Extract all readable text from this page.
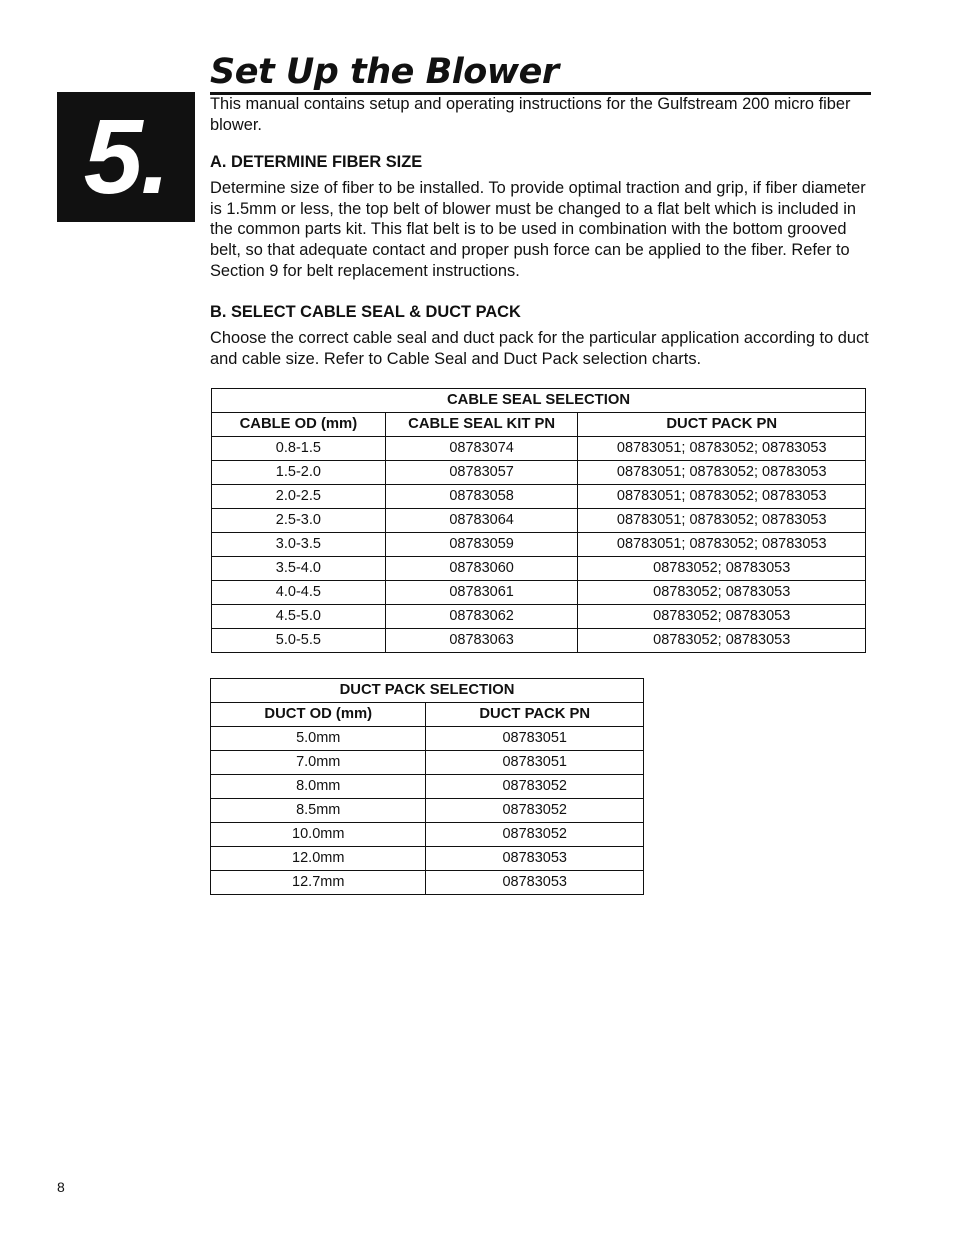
Set Up the Blower
5.	This manual contains setup and operating instructions for the Gulfstream 200 micro fiber blower.

A. DETERMINE FIBER SIZE

Determine size of fiber to be installed. To provide optimal traction and grip, if fiber diameter is 1.5mm or less, the top belt of blower must be changed to a flat belt which is included in the common parts kit. This flat belt is to be used in combination with the bottom grooved belt, so that adequate contact and proper push force can be applied to the fiber. Refer to Section 9 for belt replacement instructions.

B. SELECT CABLE SEAL & DUCT PACK

Choose the correct cable seal and duct pack for the particular application according to duct and cable size. Refer to Cable Seal and Duct Pack selection charts.

CABLE SEAL SELECTION		
CABLE OD (mm)	CABLE SEAL KIT PN	DUCT PACK PN
0.8-1.5	08783074	08783051; 08783052; 08783053
1.5-2.0	08783057	08783051; 08783052; 08783053
2.0-2.5	08783058	08783051; 08783052; 08783053
2.5-3.0	08783064	08783051; 08783052; 08783053
3.0-3.5	08783059	08783051; 08783052; 08783053
3.5-4.0	08783060	08783052; 08783053
4.0-4.5	08783061	08783052; 08783053
4.5-5.0	08783062	08783052; 08783053
5.0-5.5	08783063	08783052; 08783053
DUCT PACK SELECTION	
DUCT OD (mm)	DUCT PACK PN
5.0mm	08783051
7.0mm	08783051
8.0mm	08783052
8.5mm	08783052
10.0mm	08783052
12.0mm	08783053
12.7mm	08783053
8
